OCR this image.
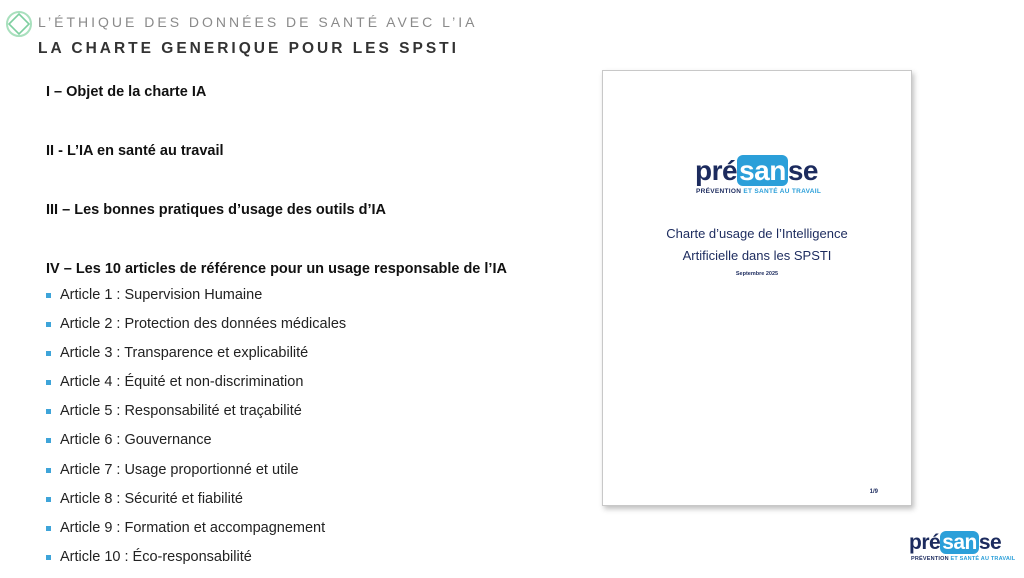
L’ÉTHIQUE DES DONNÉES DE SANTÉ AVEC L’IA
LA CHARTE GENERIQUE POUR LES SPSTI
I – Objet de la charte IA
II - L’IA en santé au travail
III – Les bonnes pratiques d’usage des outils d’IA
IV – Les 10 articles de référence pour un usage responsable de l’IA
Article 1 : Supervision Humaine
Article 2 : Protection des données médicales
Article 3 : Transparence et explicabilité
Article 4 : Équité et non-discrimination
Article 5 : Responsabilité et traçabilité
Article 6 : Gouvernance
Article 7 : Usage proportionné et utile
Article 8 : Sécurité et fiabilité
Article 9 : Formation et accompagnement
Article 10 : Éco-responsabilité
présanse
PRÉVENTION ET SANTÉ AU TRAVAIL
Charte d’usage de l’Intelligence
Artificielle dans les SPSTI
Septembre 2025
1/9
présanse
PRÉVENTION ET SANTÉ AU TRAVAIL
